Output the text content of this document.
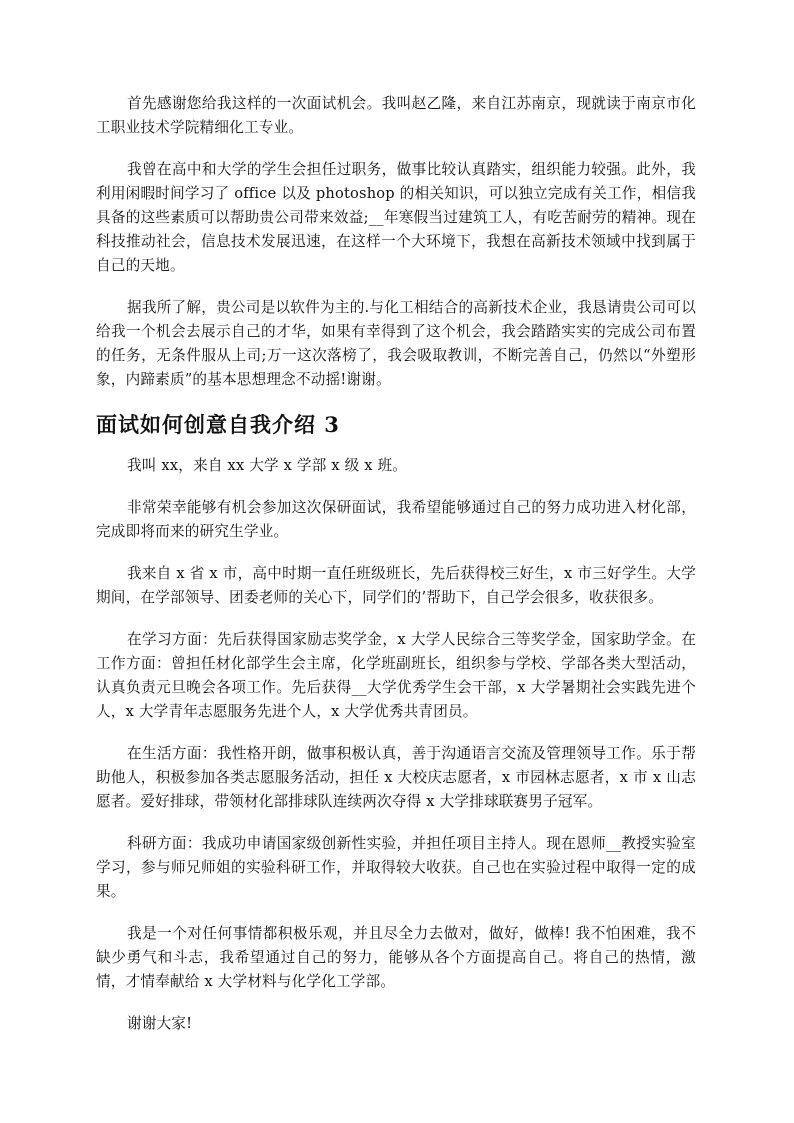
首先感谢您给我这样的一次面试机会。我叫赵乙隆，来自江苏南京，现就读于南京市化工职业技术学院精细化工专业。

我曾在高中和大学的学生会担任过职务，做事比较认真踏实，组织能力较强。此外，我利用闲暇时间学习了 office 以及 photoshop 的相关知识，可以独立完成有关工作，相信我具备的这些素质可以帮助贵公司带来效益;__年寒假当过建筑工人，有吃苦耐劳的精神。现在科技推动社会，信息技术发展迅速，在这样一个大环境下，我想在高新技术领域中找到属于自己的天地。

据我所了解，贵公司是以软件为主的.与化工相结合的高新技术企业，我恳请贵公司可以给我一个机会去展示自己的才华，如果有幸得到了这个机会，我会踏踏实实的完成公司布置的任务，无条件服从上司;万一这次落榜了，我会吸取教训，不断完善自己，仍然以“外塑形象，内蹄素质”的基本思想理念不动摇!谢谢。

面试如何创意自我介绍 3

我叫 xx，来自 xx 大学 x 学部 x 级 x 班。

非常荣幸能够有机会参加这次保研面试，我希望能够通过自己的努力成功进入材化部，完成即将而来的研究生学业。

我来自 x 省 x 市，高中时期一直任班级班长，先后获得校三好生，x 市三好学生。大学期间，在学部领导、团委老师的关心下，同学们的’帮助下，自己学会很多，收获很多。

在学习方面：先后获得国家励志奖学金，x 大学人民综合三等奖学金，国家助学金。在工作方面：曾担任材化部学生会主席，化学班副班长，组织参与学校、学部各类大型活动，认真负责元旦晚会各项工作。先后获得__大学优秀学生会干部，x 大学暑期社会实践先进个人，x 大学青年志愿服务先进个人，x 大学优秀共青团员。

在生活方面：我性格开朗，做事积极认真，善于沟通语言交流及管理领导工作。乐于帮助他人，积极参加各类志愿服务活动，担任 x 大校庆志愿者，x 市园林志愿者，x 市 x 山志愿者。爱好排球，带领材化部排球队连续两次夺得 x 大学排球联赛男子冠军。

科研方面：我成功申请国家级创新性实验，并担任项目主持人。现在恩师__教授实验室学习，参与师兄师姐的实验科研工作，并取得较大收获。自己也在实验过程中取得一定的成果。

我是一个对任何事情都积极乐观，并且尽全力去做对，做好，做棒! 我不怕困难，我不缺少勇气和斗志，我希望通过自己的努力，能够从各个方面提高自己。将自己的热情，激情，才情奉献给 x 大学材料与化学化工学部。

谢谢大家!
